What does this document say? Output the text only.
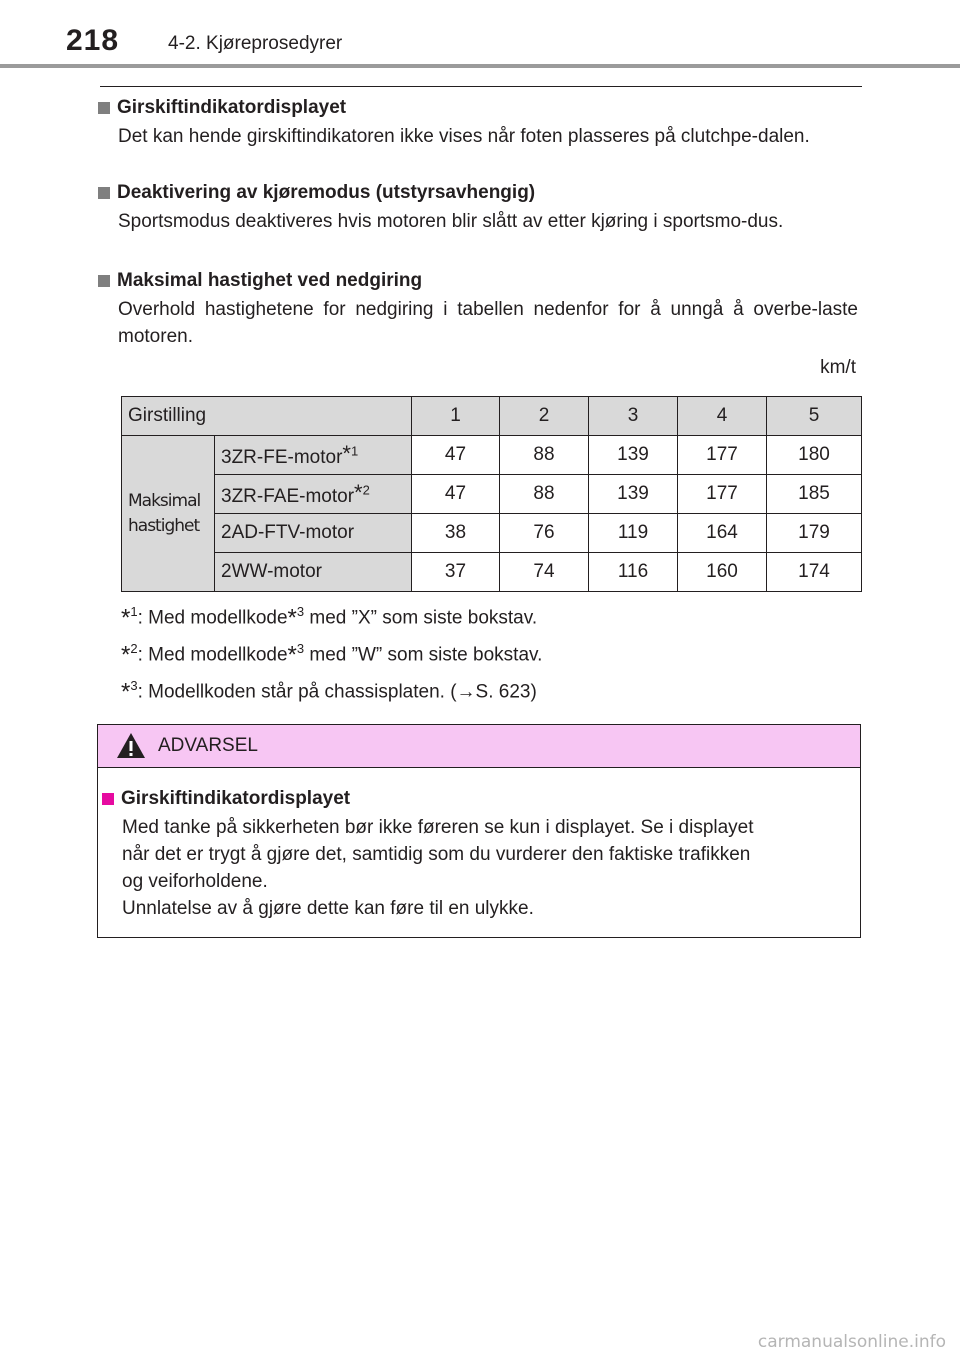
218	4-2. Kjøreprosedyrer
Girskiftindikatordisplayet
Det kan hende girskiftindikatoren ikke vises når foten plasseres på clutchpe-dalen.
Deaktivering av kjøremodus (utstyrsavhengig)
Sportsmodus deaktiveres hvis motoren blir slått av etter kjøring i sportsmo-dus.
Maksimal hastighet ved nedgiring
Overhold hastighetene for nedgiring i tabellen nedenfor for å unngå å overbe-laste motoren.
km/t
Girstilling		1	2	3	4	5
Maksimal hastighet	3ZR-FE-motor*$^1$	47	88	139	177	180
	3ZR-FAE-motor*$^2$	47	88	139	177	185
	2AD-FTV-motor	38	76	119	164	179
	2WW-motor	37	74	116	160	174
*$^1$: Med modellkode*$^3$ med ”X” som siste bokstav.
*$^2$: Med modellkode*$^3$ med ”W” som siste bokstav.
*$^3$: Modellkoden står på chassisplaten. (→S. 623)
ADVARSEL
Girskiftindikatordisplayet
Med tanke på sikkerheten bør ikke føreren se kun i displayet. Se i displayet
når det er trygt å gjøre det, samtidig som du vurderer den faktiske trafikken
og veiforholdene.
Unnlatelse av å gjøre dette kan føre til en ulykke.
carmanualsonline.info
